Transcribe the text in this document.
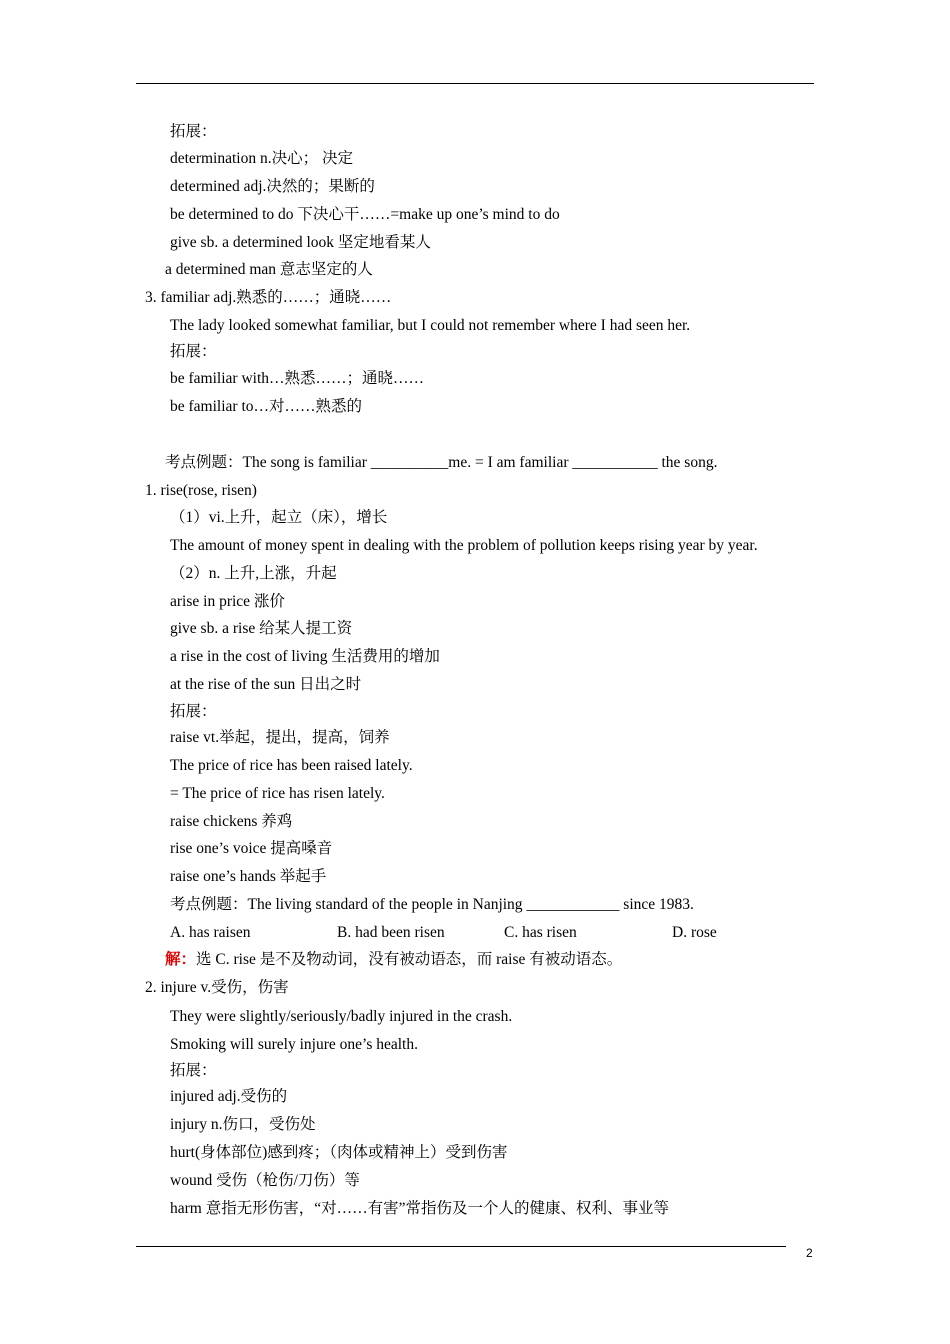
拓展：
determination n.决心； 决定
determined adj.决然的；果断的
be determined to do 下决心干……=make up one’s mind to do
give sb. a determined look 坚定地看某人
a determined man 意志坚定的人
3. familiar adj.熟悉的……；通晓……
The lady looked somewhat familiar, but I could not remember where I had seen her.
拓展：
be familiar with…熟悉……；通晓……
be familiar to…对……熟悉的
考点例题：The song is familiar __________me. = I am familiar ___________ the song.
1. rise(rose, risen)
（1）vi.上升，起立（床），增长
The amount of money spent in dealing with the problem of pollution keeps rising year by year.
（2）n. 上升,上涨，升起
arise in price 涨价
give sb. a rise 给某人提工资
a rise in the cost of living 生活费用的增加
at the rise of the sun 日出之时
拓展：
raise vt.举起，提出，提高，饲养
The price of rice has been raised lately.
= The price of rice has risen lately.
raise chickens 养鸡
rise one’s voice 提高嗓音
raise one’s hands 举起手
考点例题：The living standard of the people in Nanjing ____________ since 1983.
A. has raisen	B. had been risen	C. has risen	D. rose
解：选 C. rise 是不及物动词，没有被动语态，而 raise 有被动语态。
2. injure v.受伤，伤害
They were slightly/seriously/badly injured in the crash.
Smoking will surely injure one’s health.
拓展：
injured adj.受伤的
injury n.伤口，受伤处
hurt(身体部位)感到疼；（肉体或精神上）受到伤害
wound 受伤（枪伤/刀伤）等
harm 意指无形伤害，“对……有害”常指伤及一个人的健康、权利、事业等
2
